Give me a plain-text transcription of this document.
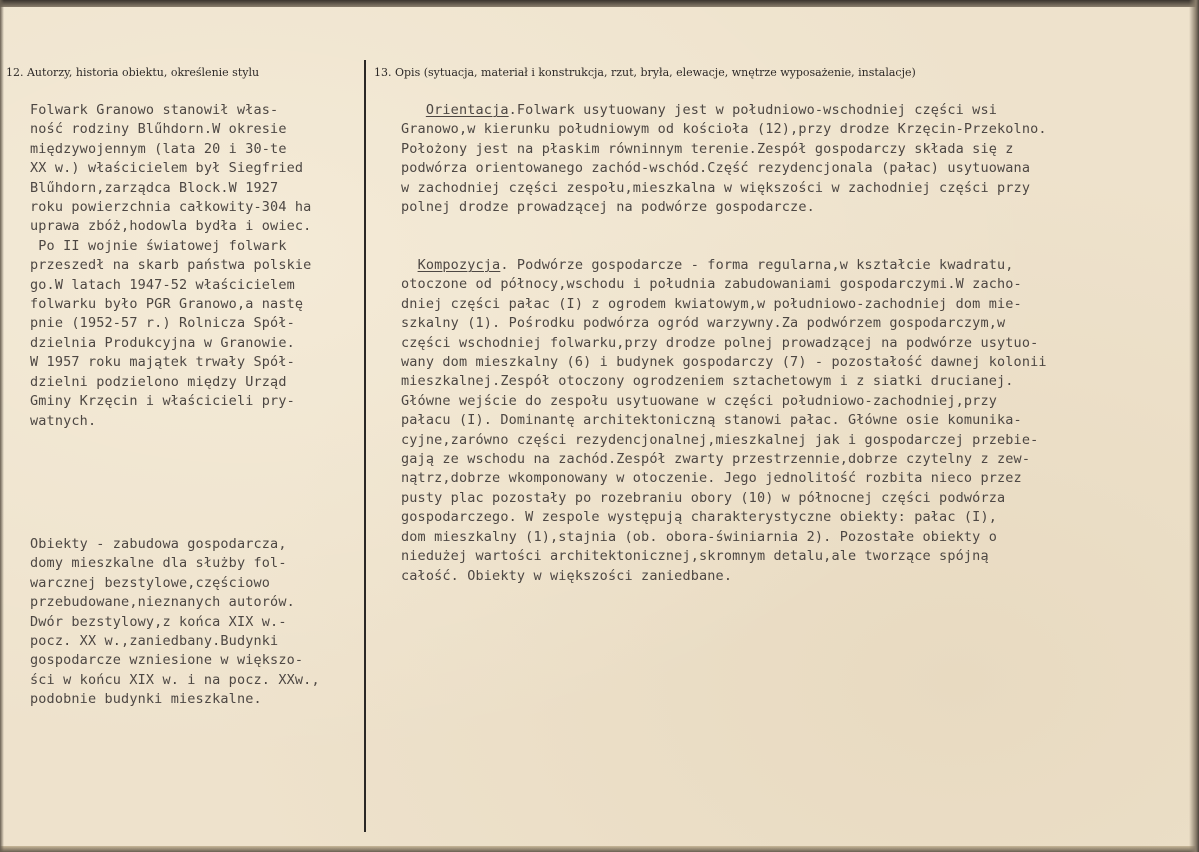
12. Autorzy, historia obiektu, określenie stylu	13. Opis (sytuacja, materiał i konstrukcja, rzut, bryła, elewacje, wnętrze wyposażenie, instalacje)
Folwark Granowo stanowił włas-
ność rodziny Blűhdorn.W okresie
międzywojennym (lata 20 i 30-te
XX w.) właścicielem był Siegfried
Blűhdorn,zarządca Block.W 1927
roku powierzchnia całkowity-304 ha
uprawa zbóż,hodowla bydła i owiec.
Po II wojnie światowej folwark
przeszedł na skarb państwa polskie
go.W latach 1947-52 właścicielem
folwarku było PGR Granowo,a nastę
pnie (1952-57 r.) Rolnicza Spół-
dzielnia Produkcyjna w Granowie.
W 1957 roku majątek trwały Spół-
dzielni podzielono między Urząd
Gminy Krzęcin i właścicieli pry-
watnych.
Obiekty - zabudowa gospodarcza,
domy mieszkalne dla służby fol-
warcznej bezstylowe,częściowo
przebudowane,nieznanych autorów.
Dwór bezstylowy,z końca XIX w.-
pocz. XX w.,zaniedbany.Budynki
gospodarcze wzniesione w większo-
ści w końcu XIX w. i na pocz. XXw.,
podobnie budynki mieszkalne.
Orientacja.Folwark usytuowany jest w południowo-wschodniej części wsi
Granowo,w kierunku południowym od kościoła (12),przy drodze Krzęcin-Przekolno.
Położony jest na płaskim równinnym terenie.Zespół gospodarczy składa się z
podwórza orientowanego zachód-wschód.Część rezydencjonala (pałac) usytuowana
w zachodniej części zespołu,mieszkalna w większości w zachodniej części przy
polnej drodze prowadzącej na podwórze gospodarcze.
Kompozycja. Podwórze gospodarcze - forma regularna,w kształcie kwadratu,
otoczone od północy,wschodu i południa zabudowaniami gospodarczymi.W zacho-
dniej części pałac (I) z ogrodem kwiatowym,w południowo-zachodniej dom mie-
szkalny (1). Pośrodku podwórza ogród warzywny.Za podwórzem gospodarczym,w
części wschodniej folwarku,przy drodze polnej prowadzącej na podwórze usytuo-
wany dom mieszkalny (6) i budynek gospodarczy (7) - pozostałość dawnej kolonii
mieszkalnej.Zespół otoczony ogrodzeniem sztachetowym i z siatki drucianej.
Główne wejście do zespołu usytuowane w części południowo-zachodniej,przy
pałacu (I). Dominantę architektoniczną stanowi pałac. Główne osie komunika-
cyjne,zarówno części rezydencjonalnej,mieszkalnej jak i gospodarczej przebie-
gają ze wschodu na zachód.Zespół zwarty przestrzennie,dobrze czytelny z zew-
nątrz,dobrze wkomponowany w otoczenie. Jego jednolitość rozbita nieco przez
pusty plac pozostały po rozebraniu obory (10) w północnej części podwórza
gospodarczego. W zespole występują charakterystyczne obiekty: pałac (I),
dom mieszkalny (1),stajnia (ob. obora-świniarnia 2). Pozostałe obiekty o
niedużej wartości architektonicznej,skromnym detalu,ale tworzące spójną
całość. Obiekty w większości zaniedbane.
